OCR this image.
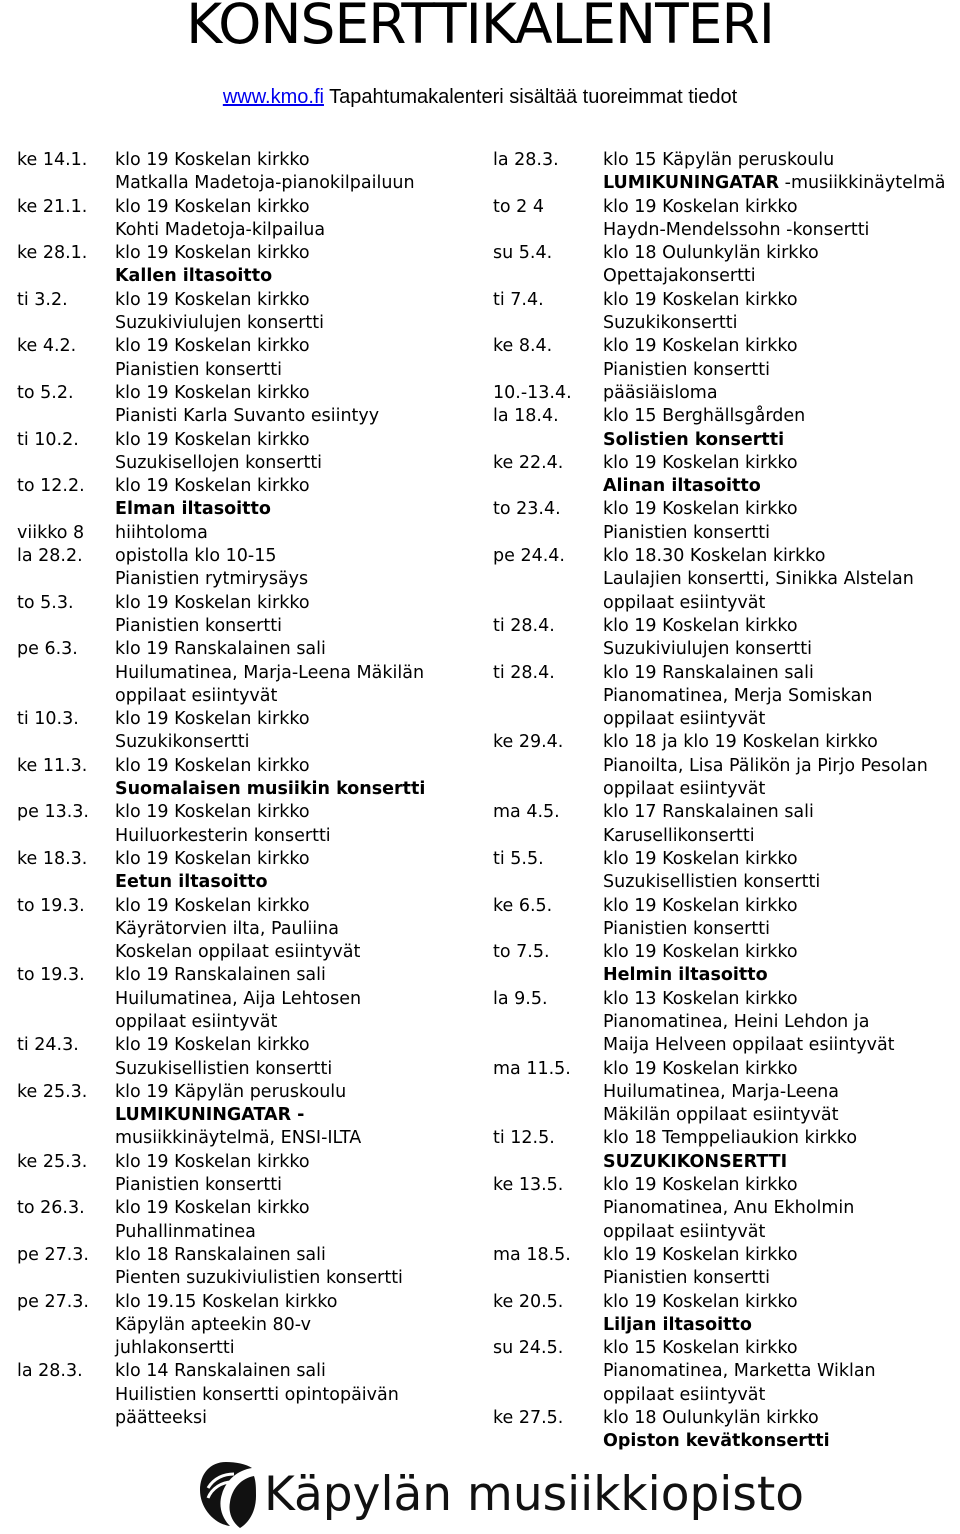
KONSERTTIKALENTERI
www.kmo.fi Tapahtumakalenteri sisältää tuoreimmat tiedot
ke 14.1.	klo 19 Koskelan kirkko
Matkalla Madetoja-pianokilpailuun
ke 21.1.	klo 19 Koskelan kirkko
Kohti Madetoja-kilpailua
ke 28.1.	klo 19 Koskelan kirkko
Kallen iltasoitto
ti 3.2.	klo 19 Koskelan kirkko
Suzukiviulujen konsertti
ke 4.2.	klo 19 Koskelan kirkko
Pianistien konsertti
to 5.2.	klo 19 Koskelan kirkko
Pianisti Karla Suvanto esiintyy
ti 10.2.	klo 19 Koskelan kirkko
Suzukisellojen konsertti
to 12.2.	klo 19 Koskelan kirkko
Elman iltasoitto
viikko 8	hiihtoloma
la 28.2.	opistolla klo 10-15
Pianistien rytmirysäys
to 5.3.	klo 19 Koskelan kirkko
Pianistien konsertti
pe 6.3.	klo 19 Ranskalainen sali
Huilumatinea, Marja-Leena Mäkilän
oppilaat esiintyvät
ti 10.3.	klo 19 Koskelan kirkko
Suzukikonsertti
ke 11.3.	klo 19 Koskelan kirkko
Suomalaisen musiikin konsertti
pe 13.3.	klo 19 Koskelan kirkko
Huiluorkesterin konsertti
ke 18.3.	klo 19 Koskelan kirkko
Eetun iltasoitto
to 19.3.	klo 19 Koskelan kirkko
Käyrätorvien ilta, Pauliina
Koskelan oppilaat esiintyvät
to 19.3.	klo 19 Ranskalainen sali
Huilumatinea, Aija Lehtosen
oppilaat esiintyvät
ti 24.3.	klo 19 Koskelan kirkko
Suzukisellistien konsertti
ke 25.3.	klo 19 Käpylän peruskoulu
LUMIKUNINGATAR -
musiikkinäytelmä, ENSI-ILTA
ke 25.3.	klo 19 Koskelan kirkko
Pianistien konsertti
to 26.3.	klo 19 Koskelan kirkko
Puhallinmatinea
pe 27.3.	klo 18 Ranskalainen sali
Pienten suzukiviulistien konsertti
pe 27.3.	klo 19.15 Koskelan kirkko
Käpylän apteekin 80-v
juhlakonsertti
la 28.3.	klo 14 Ranskalainen sali
Huilistien konsertti opintopäivän
päätteeksi
la 28.3.	klo 15 Käpylän peruskoulu
LUMIKUNINGATAR -musiikkinäytelmä
to 2 4	klo 19 Koskelan kirkko
Haydn-Mendelssohn -konsertti
su 5.4.	klo 18 Oulunkylän kirkko
Opettajakonsertti
ti 7.4.	klo 19 Koskelan kirkko
Suzukikonsertti
ke 8.4.	klo 19 Koskelan kirkko
Pianistien konsertti
10.-13.4.	pääsiäisloma
la 18.4.	klo 15 Berghällsgården
Solistien konsertti
ke 22.4.	klo 19 Koskelan kirkko
Alinan iltasoitto
to 23.4.	klo 19 Koskelan kirkko
Pianistien konsertti
pe 24.4.	klo 18.30 Koskelan kirkko
Laulajien konsertti, Sinikka Alstelan
oppilaat esiintyvät
ti 28.4.	klo 19 Koskelan kirkko
Suzukiviulujen konsertti
ti 28.4.	klo 19 Ranskalainen sali
Pianomatinea, Merja Somiskan
oppilaat esiintyvät
ke 29.4.	klo 18 ja klo 19 Koskelan kirkko
Pianoilta, Lisa Pälikön ja Pirjo Pesolan
oppilaat esiintyvät
ma 4.5.	klo 17 Ranskalainen sali
Karusellikonsertti
ti 5.5.	klo 19 Koskelan kirkko
Suzukisellistien konsertti
ke 6.5.	klo 19 Koskelan kirkko
Pianistien konsertti
to 7.5.	klo 19 Koskelan kirkko
Helmin iltasoitto
la 9.5.	klo 13 Koskelan kirkko
Pianomatinea, Heini Lehdon ja
Maija Helveen oppilaat esiintyvät
ma 11.5.	klo 19 Koskelan kirkko
Huilumatinea, Marja-Leena
Mäkilän oppilaat esiintyvät
ti 12.5.	klo 18 Temppeliaukion kirkko
SUZUKIKONSERTTI
ke 13.5.	klo 19 Koskelan kirkko
Pianomatinea, Anu Ekholmin
oppilaat esiintyvät
ma 18.5.	klo 19 Koskelan kirkko
Pianistien konsertti
ke 20.5.	klo 19 Koskelan kirkko
Liljan iltasoitto
su 24.5.	klo 15 Koskelan kirkko
Pianomatinea, Marketta Wiklan
oppilaat esiintyvät
ke 27.5.	klo 18 Oulunkylän kirkko
Opiston kevätkonsertti
Käpylän musiikkiopisto
